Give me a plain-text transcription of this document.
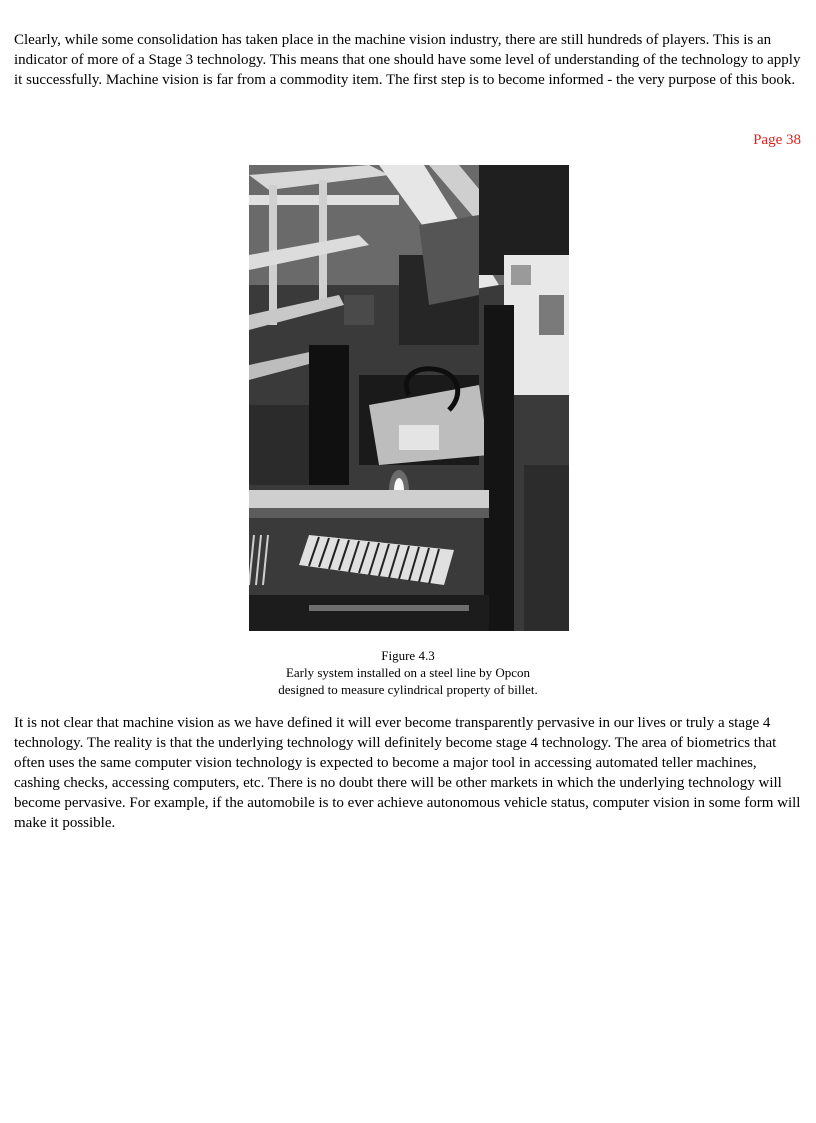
Clearly, while some consolidation has taken place in the machine vision industry, there are still hundreds of players. This is an indicator of more of a Stage 3 technology. This means that one should have some level of understanding of the technology to apply it successfully. Machine vision is far from a commodity item. The first step is to become informed - the very purpose of this book.

Page 38
Figure 4.3
Early system installed on a steel line by Opcon
designed to measure cylindrical property of billet.

It is not clear that machine vision as we have defined it will ever become transparently pervasive in our lives or truly a stage 4 technology. The reality is that the underlying technology will definitely become stage 4 technology. The area of biometrics that often uses the same computer vision technology is expected to become a major tool in accessing automated teller machines, cashing checks, accessing computers, etc. There is no doubt there will be other markets in which the underlying technology will become pervasive. For example, if the automobile is to ever achieve autonomous vehicle status, computer vision in some form will make it possible.
